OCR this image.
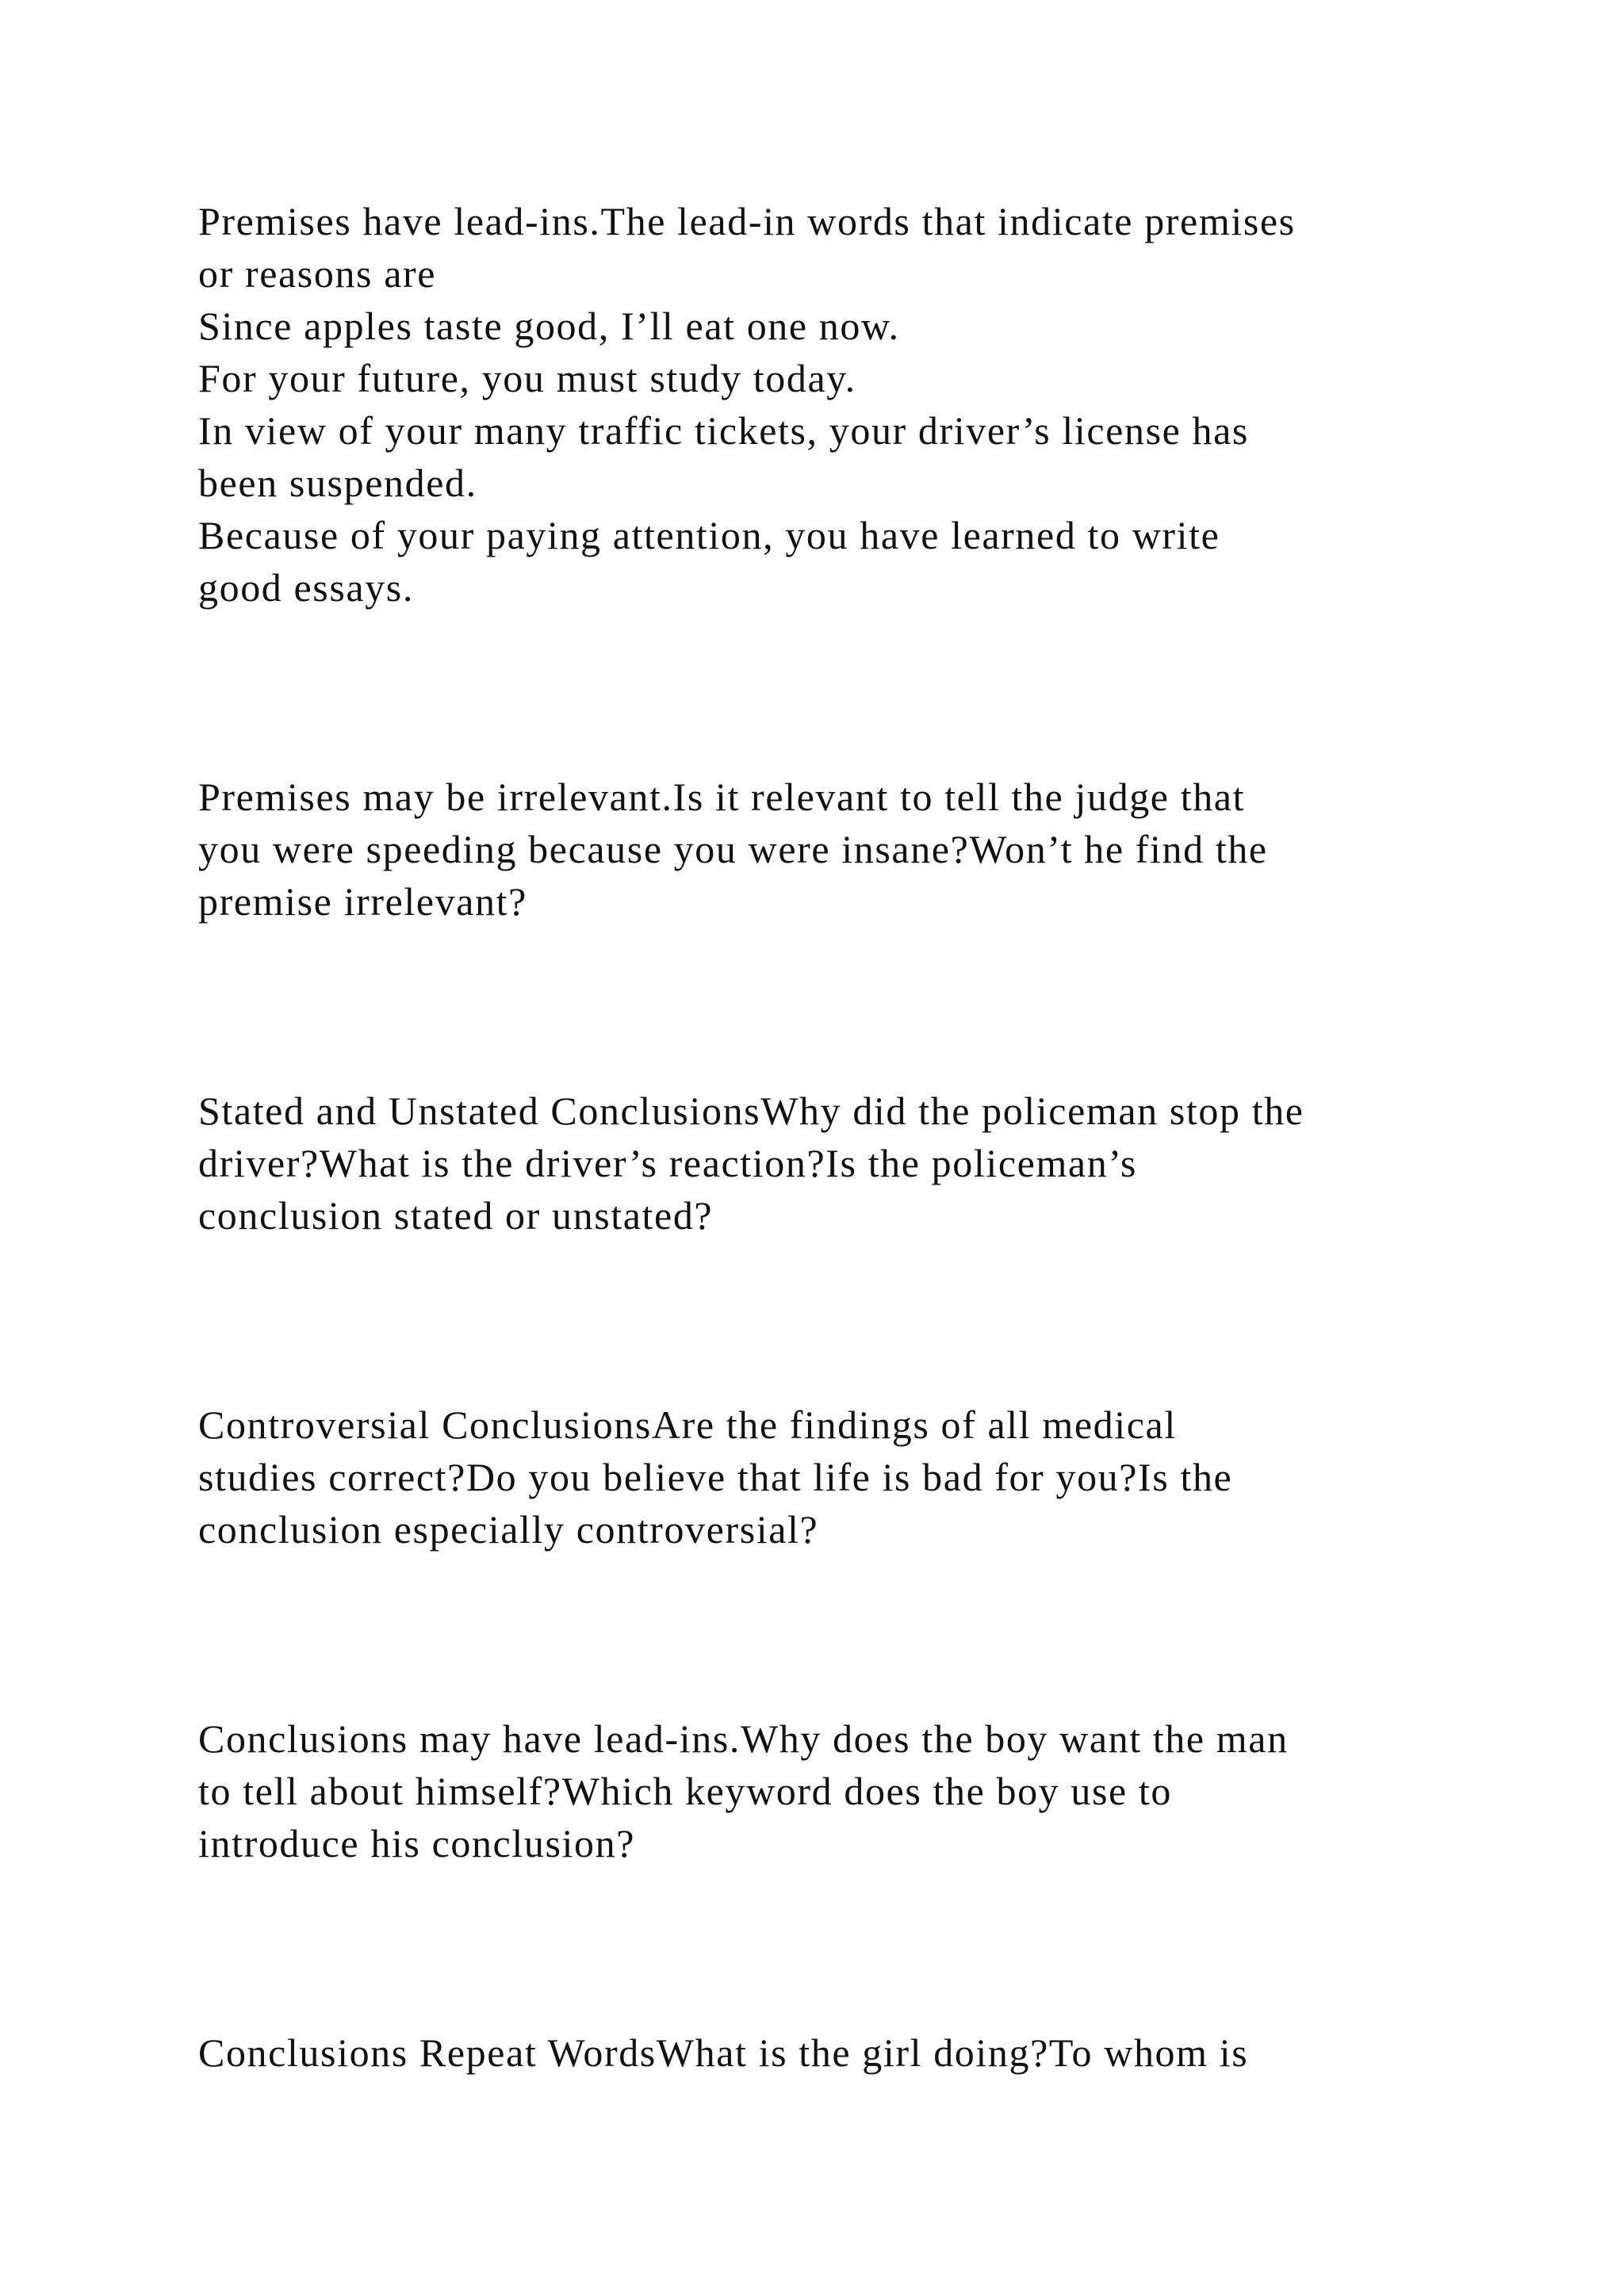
Premises have lead-ins.The lead-in words that indicate premises
or reasons are
Since apples taste good, I’ll eat one now.
For your future, you must study today.
In view of your many traffic tickets, your driver’s license has
been suspended.
Because of your paying attention, you have learned to write
good essays.
Premises may be irrelevant.Is it relevant to tell the judge that
you were speeding because you were insane?Won’t he find the
premise irrelevant?
Stated and Unstated ConclusionsWhy did the policeman stop the
driver?What is the driver’s reaction?Is the policeman’s
conclusion stated or unstated?
Controversial ConclusionsAre the findings of all medical
studies correct?Do you believe that life is bad for you?Is the
conclusion especially controversial?
Conclusions may have lead-ins.Why does the boy want the man
to tell about himself?Which keyword does the boy use to
introduce his conclusion?
Conclusions Repeat WordsWhat is the girl doing?To whom is
